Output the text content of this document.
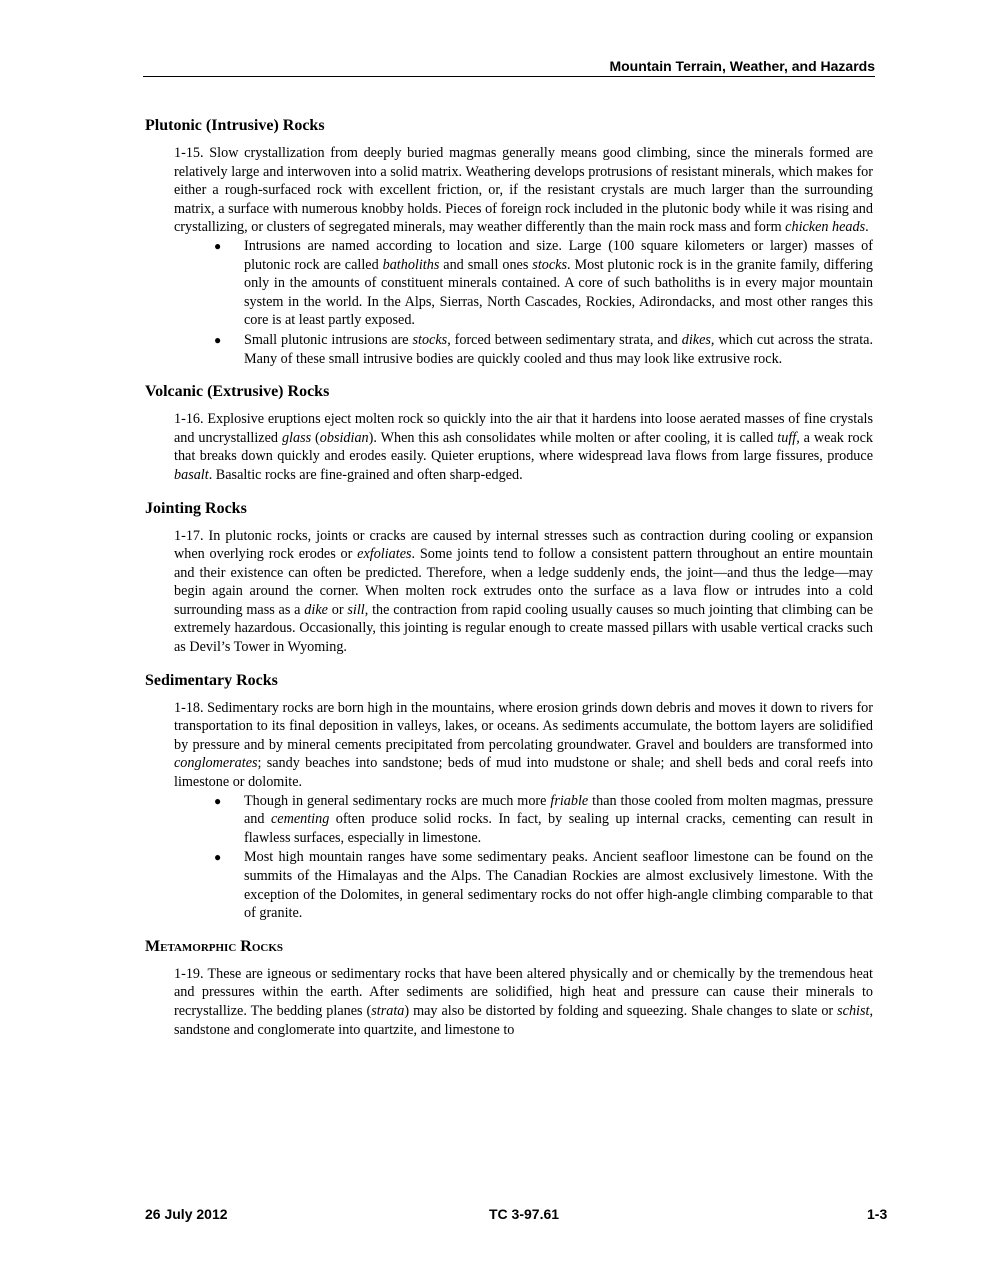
Mountain Terrain, Weather, and Hazards
Plutonic (Intrusive) Rocks

1-15. Slow crystallization from deeply buried magmas generally means good climbing, since the minerals formed are relatively large and interwoven into a solid matrix. Weathering develops protrusions of resistant minerals, which makes for either a rough-surfaced rock with excellent friction, or, if the resistant crystals are much larger than the surrounding matrix, a surface with numerous knobby holds. Pieces of foreign rock included in the plutonic body while it was rising and crystallizing, or clusters of segregated minerals, may weather differently than the main rock mass and form chicken heads.

● Intrusions are named according to location and size. Large (100 square kilometers or larger) masses of plutonic rock are called batholiths and small ones stocks. Most plutonic rock is in the granite family, differing only in the amounts of constituent minerals contained. A core of such batholiths is in every major mountain system in the world. In the Alps, Sierras, North Cascades, Rockies, Adirondacks, and most other ranges this core is at least partly exposed.
● Small plutonic intrusions are stocks, forced between sedimentary strata, and dikes, which cut across the strata. Many of these small intrusive bodies are quickly cooled and thus may look like extrusive rock.
Volcanic (Extrusive) Rocks

1-16. Explosive eruptions eject molten rock so quickly into the air that it hardens into loose aerated masses of fine crystals and uncrystallized glass (obsidian). When this ash consolidates while molten or after cooling, it is called tuff, a weak rock that breaks down quickly and erodes easily. Quieter eruptions, where widespread lava flows from large fissures, produce basalt. Basaltic rocks are fine-grained and often sharp-edged.

Jointing Rocks

1-17. In plutonic rocks, joints or cracks are caused by internal stresses such as contraction during cooling or expansion when overlying rock erodes or exfoliates. Some joints tend to follow a consistent pattern throughout an entire mountain and their existence can often be predicted. Therefore, when a ledge suddenly ends, the joint—and thus the ledge—may begin again around the corner. When molten rock extrudes onto the surface as a lava flow or intrudes into a cold surrounding mass as a dike or sill, the contraction from rapid cooling usually causes so much jointing that climbing can be extremely hazardous. Occasionally, this jointing is regular enough to create massed pillars with usable vertical cracks such as Devil’s Tower in Wyoming.

Sedimentary Rocks

1-18. Sedimentary rocks are born high in the mountains, where erosion grinds down debris and moves it down to rivers for transportation to its final deposition in valleys, lakes, or oceans. As sediments accumulate, the bottom layers are solidified by pressure and by mineral cements precipitated from percolating groundwater. Gravel and boulders are transformed into conglomerates; sandy beaches into sandstone; beds of mud into mudstone or shale; and shell beds and coral reefs into limestone or dolomite.

● Though in general sedimentary rocks are much more friable than those cooled from molten magmas, pressure and cementing often produce solid rocks. In fact, by sealing up internal cracks, cementing can result in flawless surfaces, especially in limestone.
● Most high mountain ranges have some sedimentary peaks. Ancient seafloor limestone can be found on the summits of the Himalayas and the Alps. The Canadian Rockies are almost exclusively limestone. With the exception of the Dolomites, in general sedimentary rocks do not offer high-angle climbing comparable to that of granite.
Metamorphic Rocks

1-19. These are igneous or sedimentary rocks that have been altered physically and or chemically by the tremendous heat and pressures within the earth. After sediments are solidified, high heat and pressure can cause their minerals to recrystallize. The bedding planes (strata) may also be distorted by folding and squeezing. Shale changes to slate or schist, sandstone and conglomerate into quartzite, and limestone to

26 July 2012	TC 3-97.61	1-3
